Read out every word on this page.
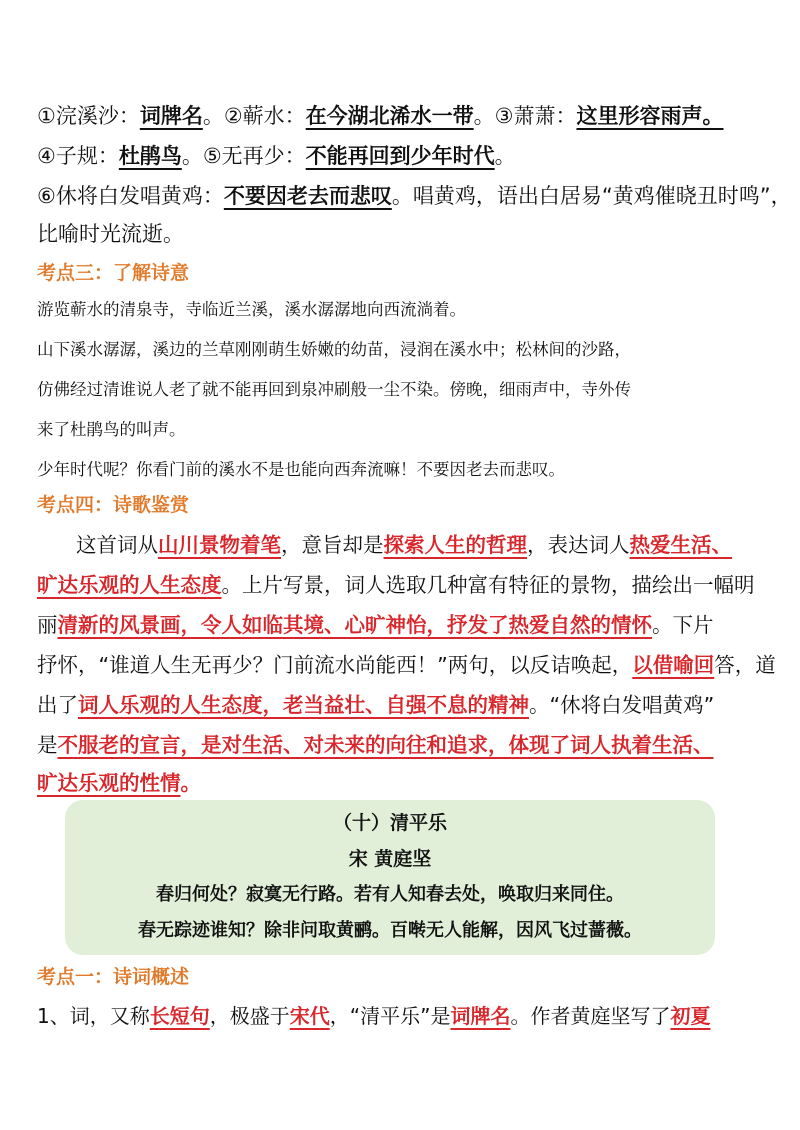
①浣溪沙：词牌名。②蕲水：在今湖北浠水一带。③萧萧：这里形容雨声。
④子规：杜鹃鸟。⑤无再少：不能再回到少年时代。
⑥休将白发唱黄鸡：不要因老去而悲叹。唱黄鸡，语出白居易“黄鸡催晓丑时鸣”，
比喻时光流逝。
考点三：了解诗意
游览蕲水的清泉寺，寺临近兰溪，溪水潺潺地向西流淌着。
山下溪水潺潺，溪边的兰草刚刚萌生娇嫩的幼苗，浸润在溪水中；松林间的沙路，
仿佛经过清谁说人老了就不能再回到泉冲刷般一尘不染。傍晚，细雨声中，寺外传
来了杜鹃鸟的叫声。
少年时代呢？你看门前的溪水不是也能向西奔流嘛！不要因老去而悲叹。
考点四：诗歌鉴赏
这首词从山川景物着笔，意旨却是探索人生的哲理，表达词人热爱生活、
旷达乐观的人生态度。上片写景，词人选取几种富有特征的景物，描绘出一幅明
丽清新的风景画，令人如临其境、心旷神怡，抒发了热爱自然的情怀。下片
抒怀，“谁道人生无再少？门前流水尚能西！”两句，以反诘唤起，以借喻回答，道
出了词人乐观的人生态度，老当益壮、自强不息的精神。“休将白发唱黄鸡”
是不服老的宣言，是对生活、对未来的向往和追求，体现了词人执着生活、
旷达乐观的性情。
（十）清平乐
宋 黄庭坚
春归何处？寂寞无行路。若有人知春去处，唤取归来同住。
春无踪迹谁知？除非问取黄鹂。百啭无人能解，因风飞过蔷薇。
考点一：诗词概述
1、词，又称长短句，极盛于宋代，“清平乐”是词牌名。作者黄庭坚写了初夏
